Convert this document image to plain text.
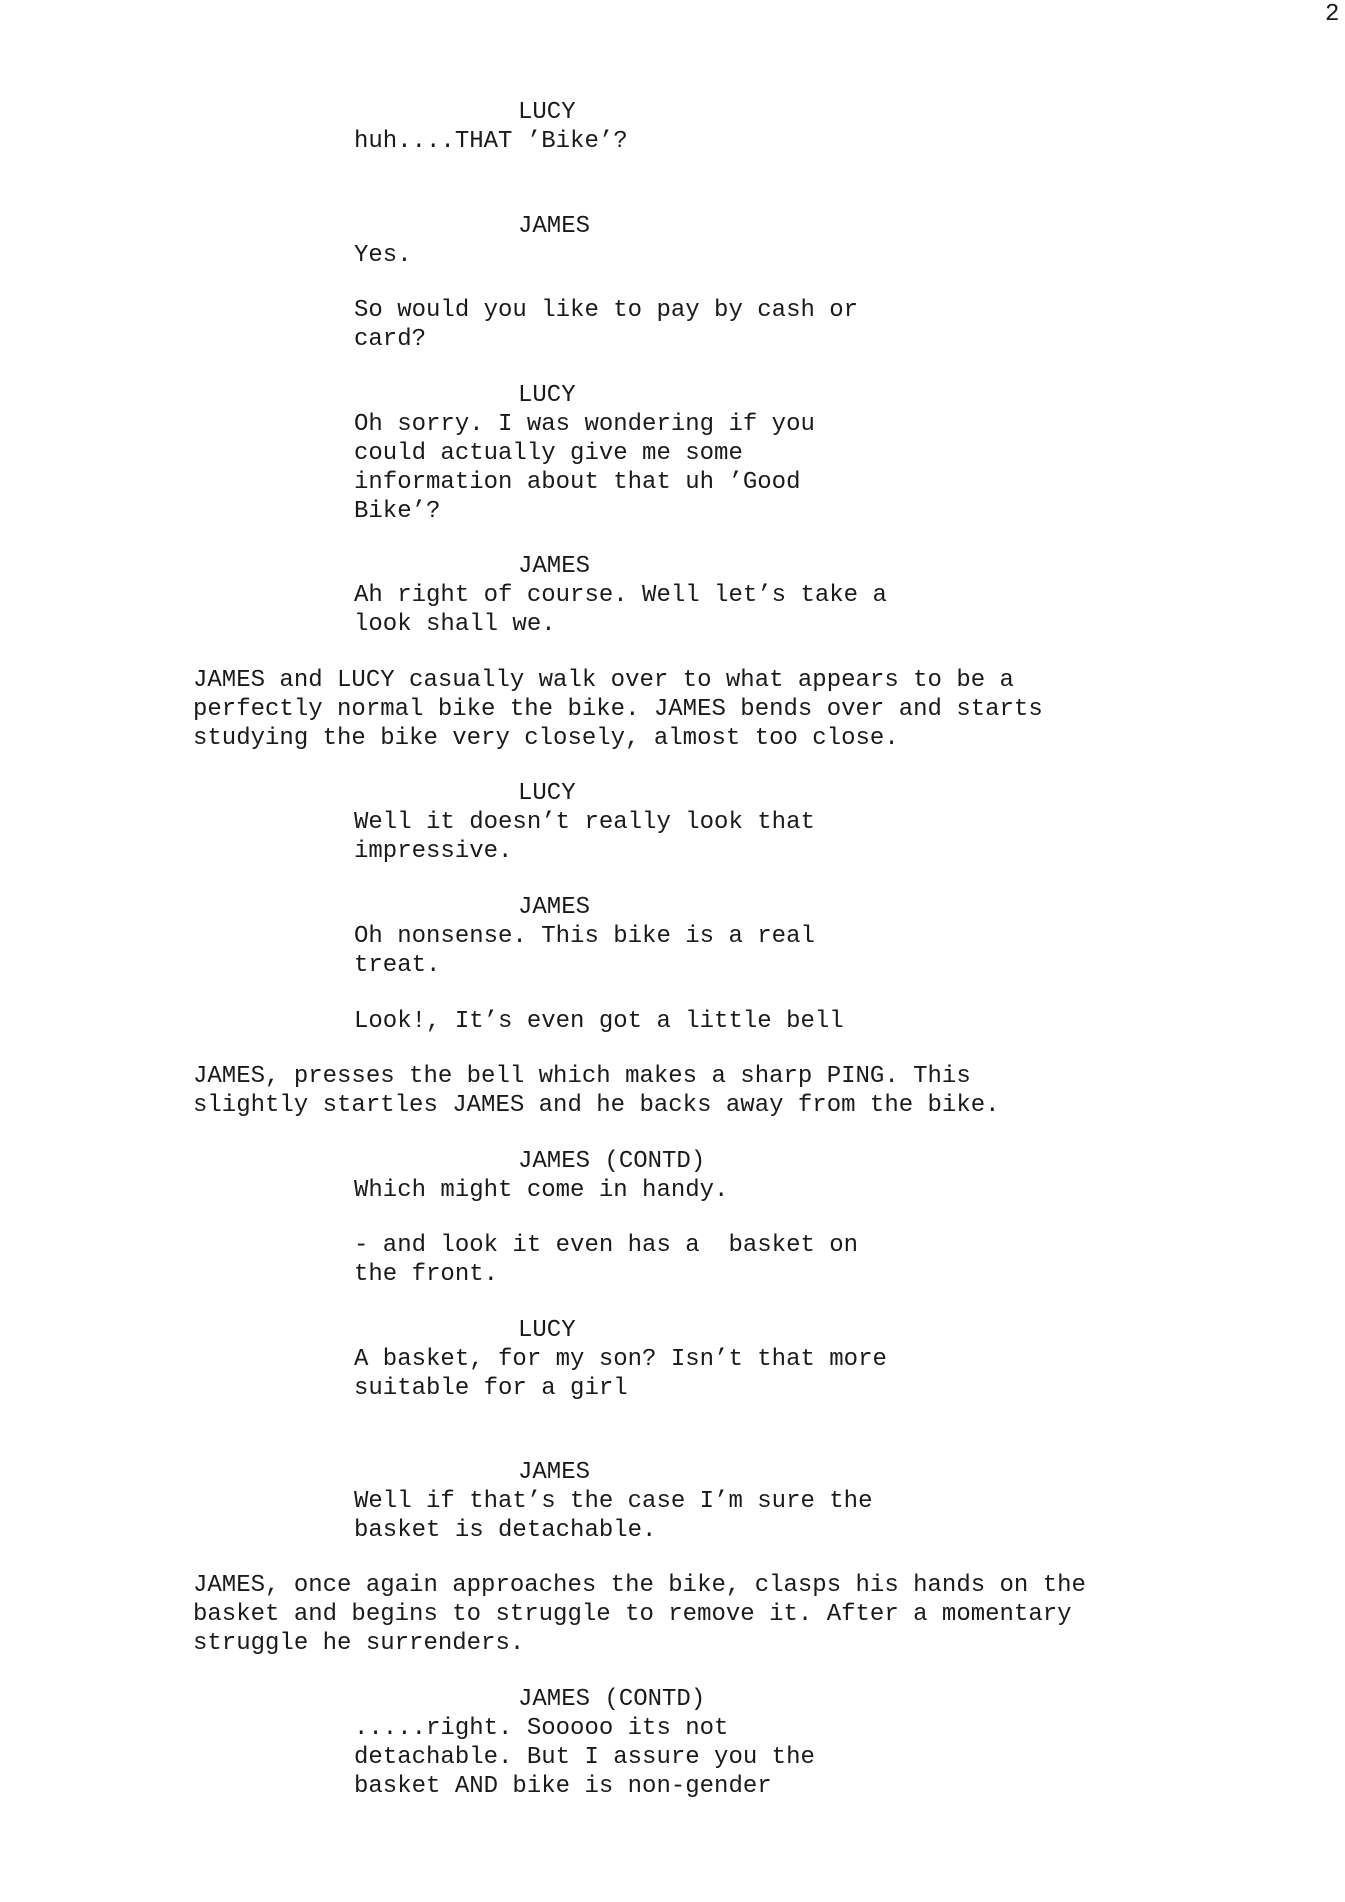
2
LUCY
huh....THAT ’Bike’?
JAMES
Yes.
So would you like to pay by cash or
card?
LUCY
Oh sorry. I was wondering if you
could actually give me some
information about that uh ’Good
Bike’?
JAMES
Ah right of course. Well let’s take a
look shall we.
JAMES and LUCY casually walk over to what appears to be a
perfectly normal bike the bike. JAMES bends over and starts
studying the bike very closely, almost too close.
LUCY
Well it doesn’t really look that
impressive.
JAMES
Oh nonsense. This bike is a real
treat.
Look!, It’s even got a little bell
JAMES, presses the bell which makes a sharp PING. This
slightly startles JAMES and he backs away from the bike.
JAMES (CONTD)
Which might come in handy.
- and look it even has a  basket on
the front.
LUCY
A basket, for my son? Isn’t that more
suitable for a girl
JAMES
Well if that’s the case I’m sure the
basket is detachable.
JAMES, once again approaches the bike, clasps his hands on the
basket and begins to struggle to remove it. After a momentary
struggle he surrenders.
JAMES (CONTD)
.....right. Sooooo its not
detachable. But I assure you the
basket AND bike is non-gender
